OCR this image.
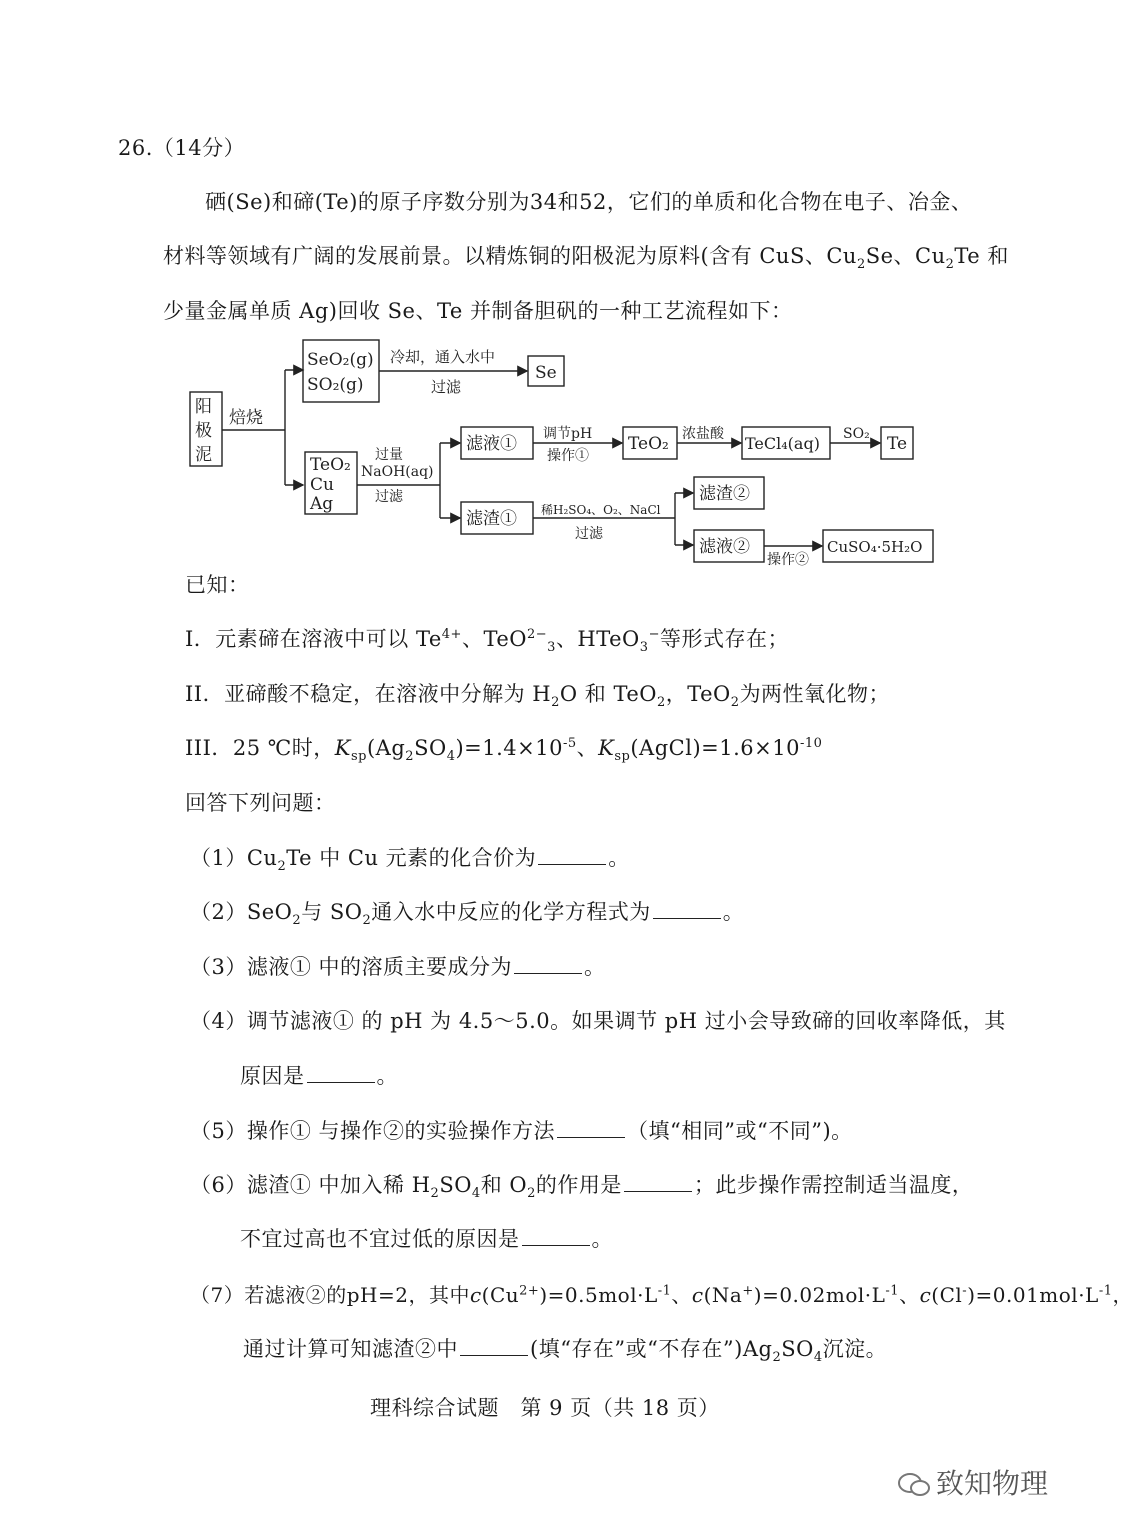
26.（14分）
硒(Se)和碲(Te)的原子序数分别为34和52，它们的单质和化合物在电子、冶金、
材料等领域有广阔的发展前景。以精炼铜的阳极泥为原料(含有 CuS、$Cu_2Se$、$Cu_2Te$ 和
少量金属单质 Ag)回收 Se、Te 并制备胆矾的一种工艺流程如下：
阳
极
泥
焙烧
SeO₂(g)
SO₂(g)
冷却，通入水中
过滤
Se
TeO₂
Cu
Ag
过量
NaOH(aq)
过滤
滤液① 调节pH
操作①
TeO₂ 浓盐酸 TeCl₄(aq) SO₂ Te
滤渣① 稀H₂SO₄、O₂、NaCl
过滤
滤渣②
滤液②
操作②
CuSO₄·5H₂O
已知：
I．元素碲在溶液中可以 $Te^{4+}$、TeO$^{2-}_3$、HTeO$_3$−等形式存在；
II．亚碲酸不稳定，在溶液中分解为 $H_2O$ 和 TeO$_2$，TeO$_2$为两性氧化物；
III．25 ℃时，$K_{sp}(Ag_2SO_4)=1.4\times 10^{-5}$、$K_{sp}(AgCl)=1.6\times 10^{-10}$
回答下列问题：
$(1)Cu_2Te$ 中 Cu 元素的化合价为	。
（2）SeO$_2$与 $SO_2$通入水中反应的化学方程式为	。
（3）滤液① 中的溶质主要成分为	。
（4）调节滤液① 的 pH 为 4.5～5.0。如果调节 pH 过小会导致碲的回收率降低，其
原因是	。
（5）操作① 与操作②的实验操作方法	（填“相同”或“不同”)。
（6）滤渣① 中加入稀 $H_2SO_4$和 $O_2$的作用是	；此步操作需控制适当温度，
不宜过高也不宜过低的原因是	。
（7）若滤液②的pH=2，其中$c(Cu^{2+})=0.5mol\cdot L^{-1}$、$c(Na^+)=0.02mol\cdot L^{-1}$、$c(Cl^-)=0.01mol\cdot L^{-1}$，
通过计算可知滤渣②中	(填“存在”或“不存在$”)Ag_2SO_4$沉淀。
理科综合试题　第 9 页（共 18 页）
致知物理
